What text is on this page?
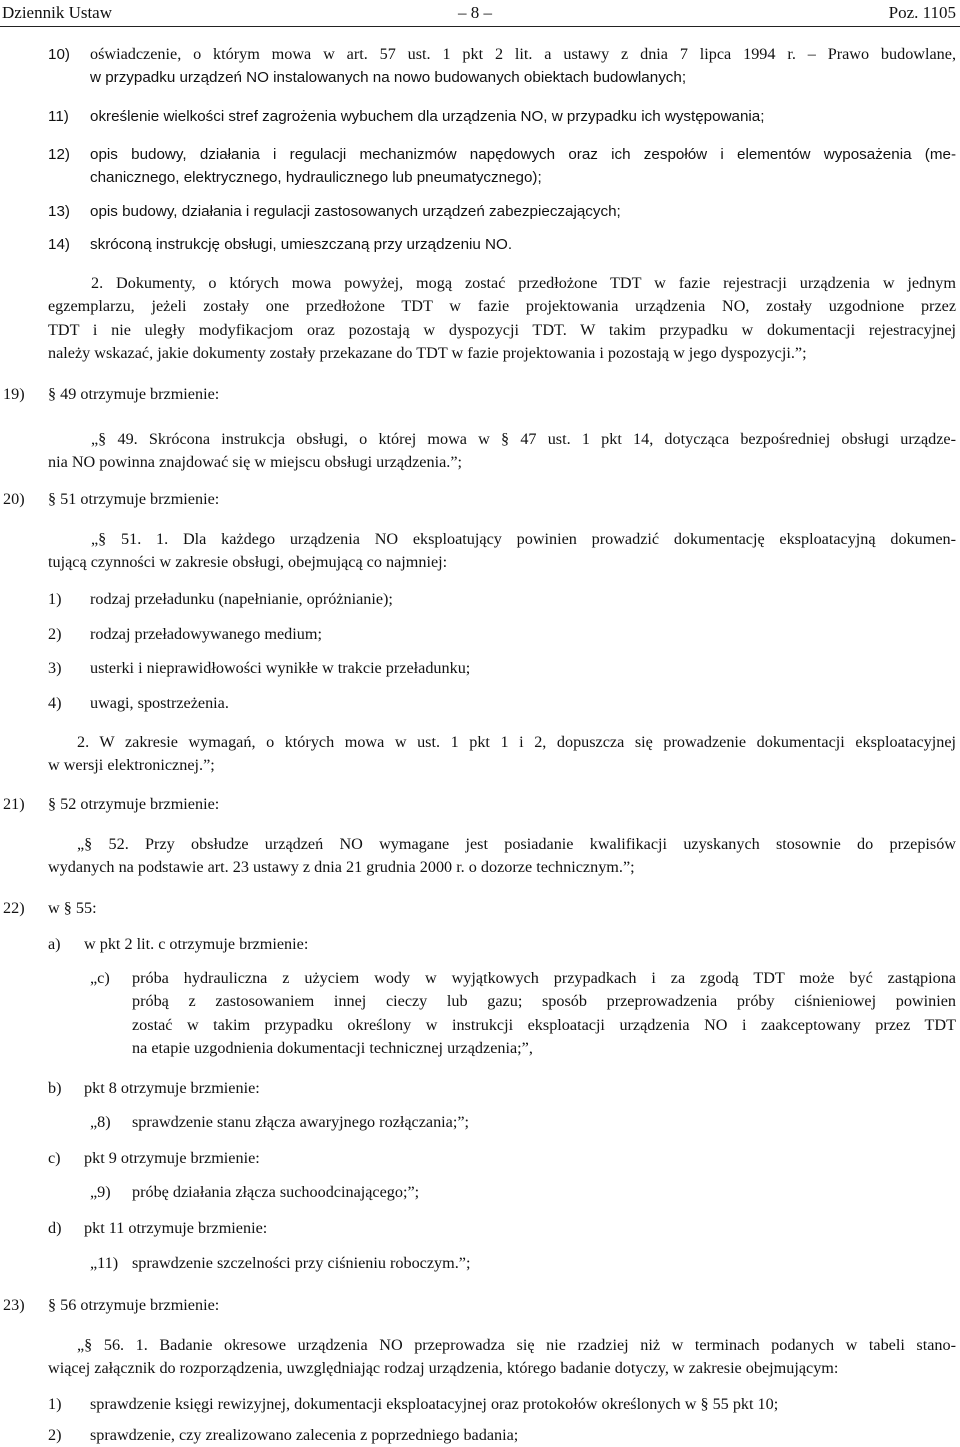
Dziennik Ustaw	– 8 –	Poz. 1105
10) oświadczenie, o którym mowa w art. 57 ust. 1 pkt 2 lit. a ustawy z dnia 7 lipca 1994 r. – Prawo budowlane,
w przypadku urządzeń NO instalowanych na nowo budowanych obiektach budowlanych;
11) określenie wielkości stref zagrożenia wybuchem dla urządzenia NO, w przypadku ich występowania;
12) opis budowy, działania i regulacji mechanizmów napędowych oraz ich zespołów i elementów wyposażenia (me-
chanicznego, elektrycznego, hydraulicznego lub pneumatycznego);
13) opis budowy, działania i regulacji zastosowanych urządzeń zabezpieczających;
14) skróconą instrukcję obsługi, umieszczaną przy urządzeniu NO.
2. Dokumenty, o których mowa powyżej, mogą zostać przedłożone TDT w fazie rejestracji urządzenia w jednym
egzemplarzu, jeżeli zostały one przedłożone TDT w fazie projektowania urządzenia NO, zostały uzgodnione przez
TDT i nie uległy modyfikacjom oraz pozostają w dyspozycji TDT. W takim przypadku w dokumentacji rejestracyjnej
należy wskazać, jakie dokumenty zostały przekazane do TDT w fazie projektowania i pozostają w jego dyspozycji.”;
19) § 49 otrzymuje brzmienie:
„§ 49. Skrócona instrukcja obsługi, o której mowa w § 47 ust. 1 pkt 14, dotycząca bezpośredniej obsługi urządze-
nia NO powinna znajdować się w miejscu obsługi urządzenia.”;
20) § 51 otrzymuje brzmienie:
„§ 51. 1. Dla każdego urządzenia NO eksploatujący powinien prowadzić dokumentację eksploatacyjną dokumen-
tującą czynności w zakresie obsługi, obejmującą co najmniej:
1) rodzaj przeładunku (napełnianie, opróżnianie);
2) rodzaj przeładowywanego medium;
3) usterki i nieprawidłowości wynikłe w trakcie przeładunku;
4) uwagi, spostrzeżenia.
2. W zakresie wymagań, o których mowa w ust. 1 pkt 1 i 2, dopuszcza się prowadzenie dokumentacji eksploatacyjnej
w wersji elektronicznej.”;
21) § 52 otrzymuje brzmienie:
„§ 52. Przy obsłudze urządzeń NO wymagane jest posiadanie kwalifikacji uzyskanych stosownie do przepisów
wydanych na podstawie art. 23 ustawy z dnia 21 grudnia 2000 r. o dozorze technicznym.”;
22) w § 55:
a) w pkt 2 lit. c otrzymuje brzmienie:
„c) próba hydrauliczna z użyciem wody w wyjątkowych przypadkach i za zgodą TDT może być zastąpiona
próbą z zastosowaniem innej cieczy lub gazu; sposób przeprowadzenia próby ciśnieniowej powinien
zostać w takim przypadku określony w instrukcji eksploatacji urządzenia NO i zaakceptowany przez TDT
na etapie uzgodnienia dokumentacji technicznej urządzenia;”,
b) pkt 8 otrzymuje brzmienie:
„8) sprawdzenie stanu złącza awaryjnego rozłączania;”;
c) pkt 9 otrzymuje brzmienie:
„9) próbę działania złącza suchoodcinającego;”;
d) pkt 11 otrzymuje brzmienie:
„11) sprawdzenie szczelności przy ciśnieniu roboczym.”;
23) § 56 otrzymuje brzmienie:
„§ 56. 1. Badanie okresowe urządzenia NO przeprowadza się nie rzadziej niż w terminach podanych w tabeli stano-
wiącej załącznik do rozporządzenia, uwzględniając rodzaj urządzenia, którego badanie dotyczy, w zakresie obejmującym:
1) sprawdzenie księgi rewizyjnej, dokumentacji eksploatacyjnej oraz protokołów określonych w § 55 pkt 10;
2) sprawdzenie, czy zrealizowano zalecenia z poprzedniego badania;
